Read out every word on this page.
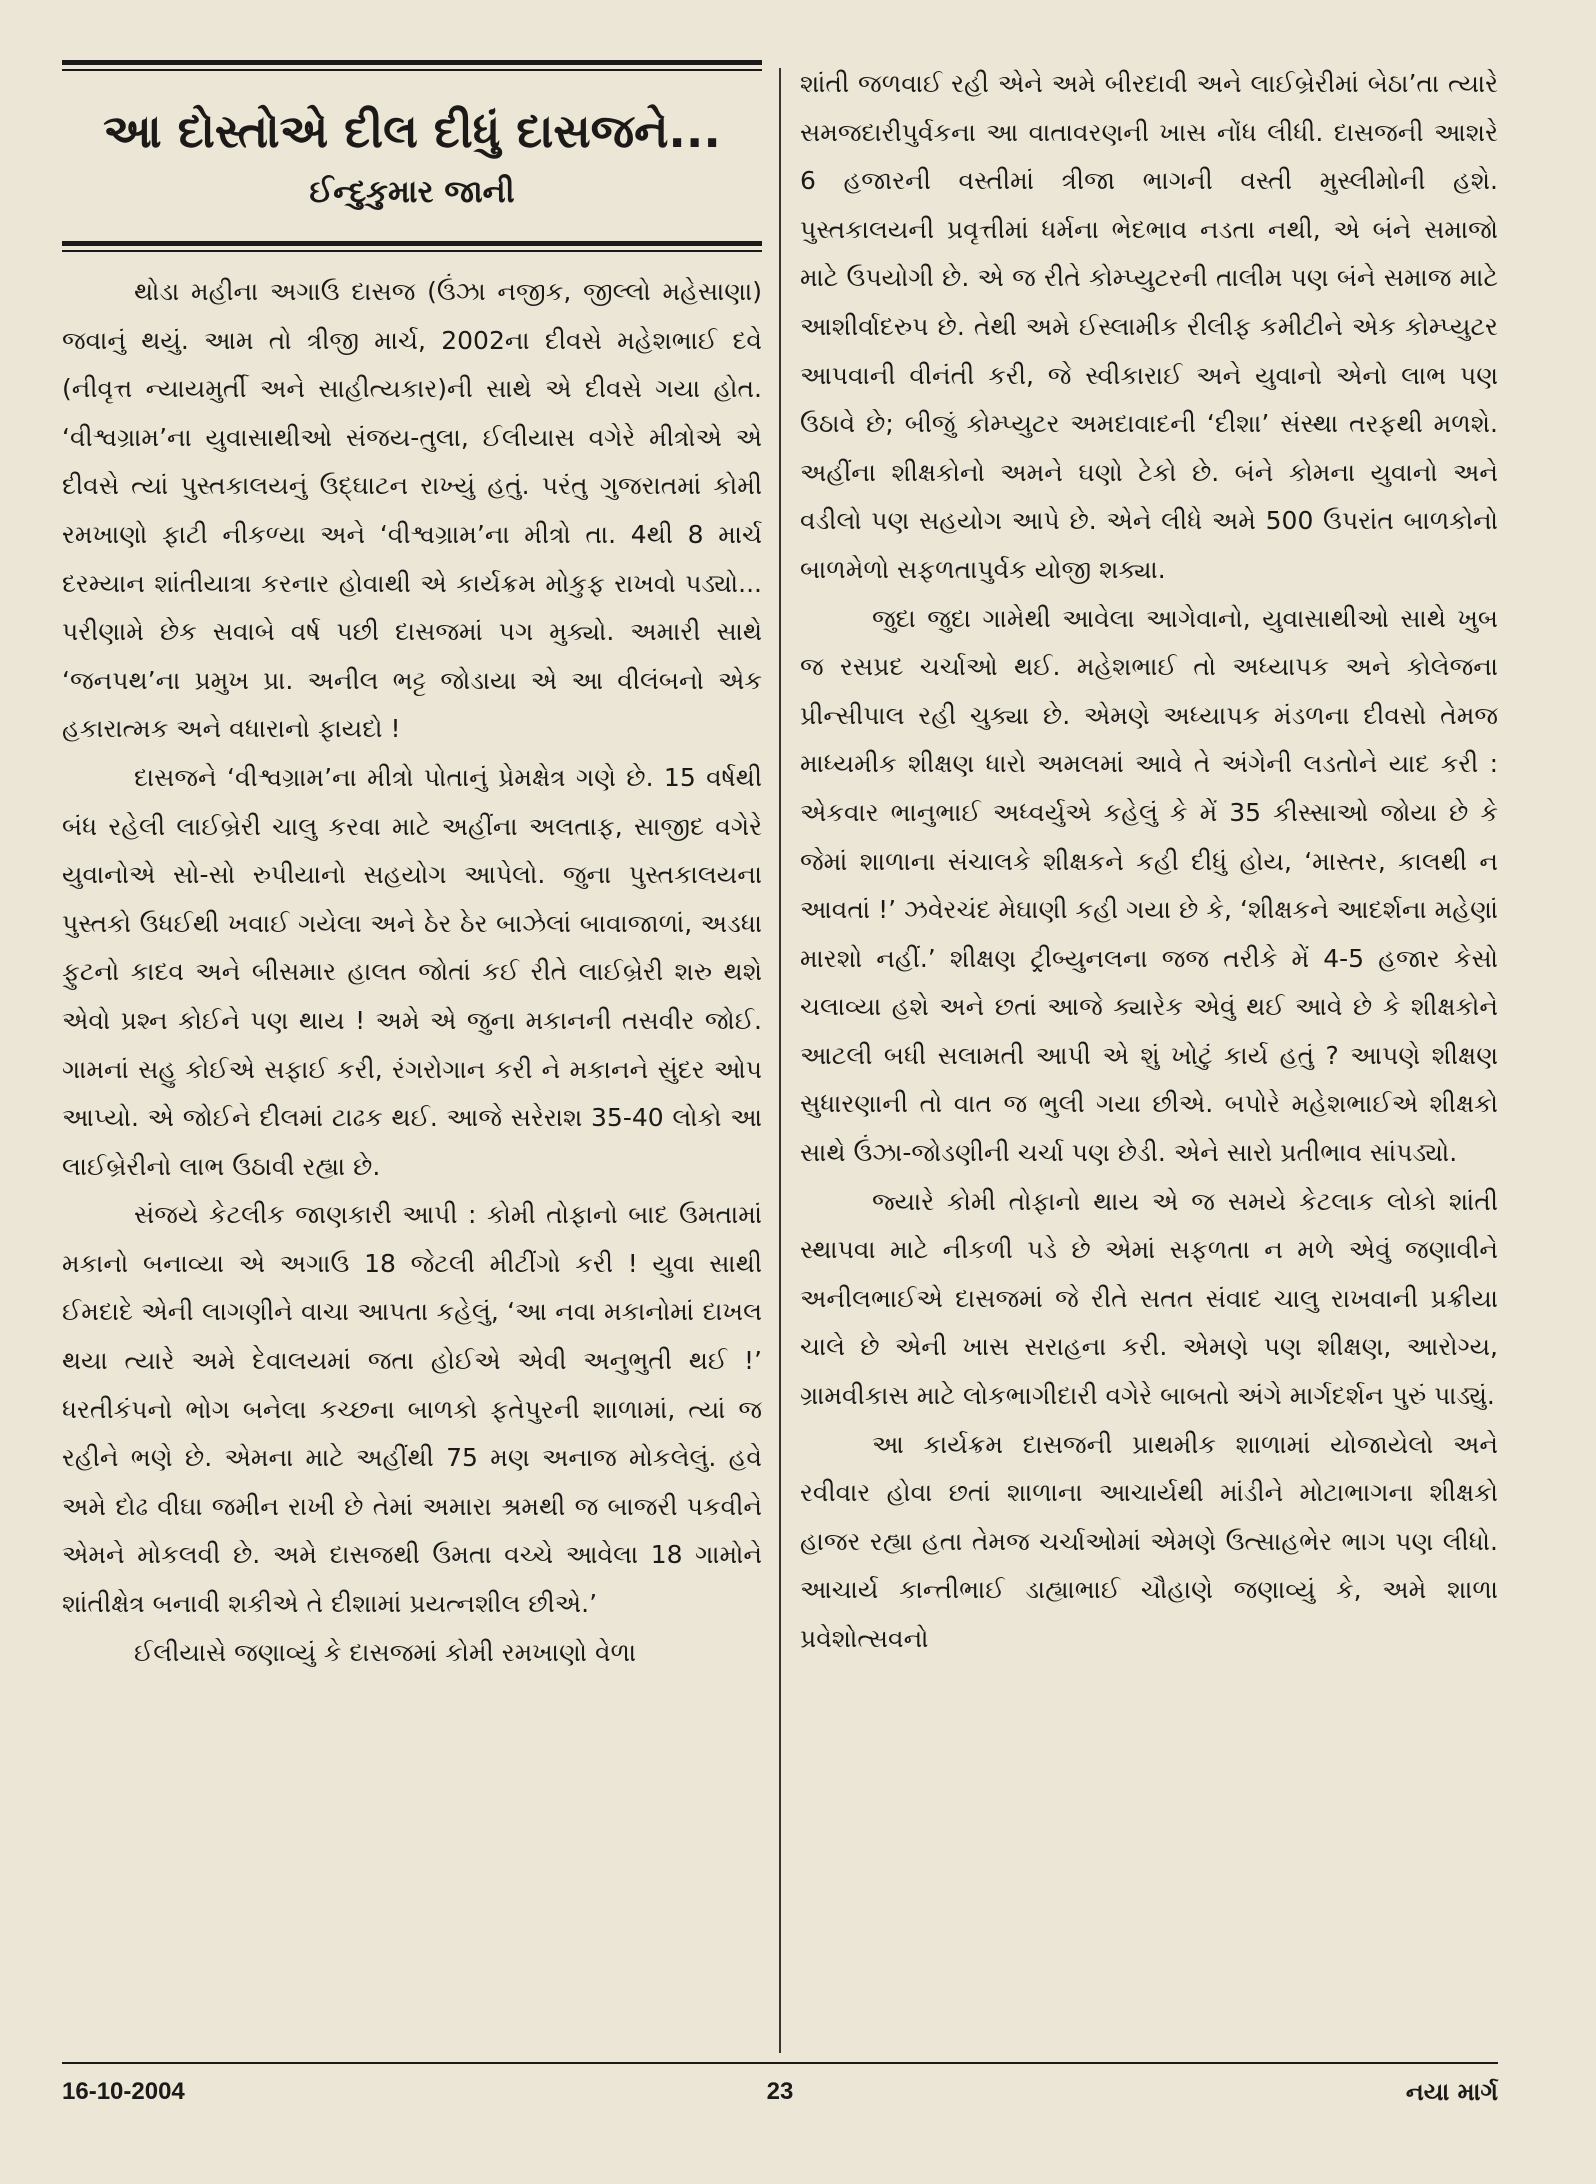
આ દોસ્તોએ દીલ દીધું દાસજને...
ઈન્દુકુમાર જાની

થોડા મહીના અગાઉ દાસજ (ઉંઝા નજીક, જીલ્લો મહેસાણા) જવાનું થયું. આમ તો ત્રીજી માર્ચ, 2002ના દીવસે મહેશભાઈ દવે (નીવૃત્ત ન્યાયમુર્તી અને સાહીત્યકાર)ની સાથે એ દીવસે ગયા હોત. ‘વીશ્વગ્રામ’ના યુવાસાથીઓ સંજય-તુલા, ઈલીયાસ વગેરે મીત્રોએ એ દીવસે ત્યાં પુસ્તકાલયનું ઉદ્ઘાટન રાખ્યું હતું. પરંતુ ગુજરાતમાં કોમી રમખાણો ફાટી નીકળ્યા અને ‘વીશ્વગ્રામ’ના મીત્રો તા. 4થી 8 માર્ચ દરમ્યાન શાંતીયાત્રા કરનાર હોવાથી એ કાર્યક્રમ મોકુફ રાખવો પડ્યો... પરીણામે છેક સવાબે વર્ષ પછી દાસજમાં પગ મુક્યો. અમારી સાથે ‘જનપથ’ના પ્રમુખ પ્રા. અનીલ ભટ્ટ જોડાયા એ આ વીલંબનો એક હકારાત્મક અને વધારાનો ફાયદો !

દાસજને ‘વીશ્વગ્રામ’ના મીત્રો પોતાનું પ્રેમક્ષેત્ર ગણે છે. 15 વર્ષથી બંધ રહેલી લાઈબ્રેરી ચાલુ કરવા માટે અહીંના અલતાફ, સાજીદ વગેરે યુવાનોએ સો-સો રુપીયાનો સહયોગ આપેલો. જુના પુસ્તકાલયના પુસ્તકો ઉધઈથી ખવાઈ ગયેલા અને ઠેર ઠેર બાઝેલાં બાવાજાળાં, અડધા ફુટનો કાદવ અને બીસમાર હાલત જોતાં કઈ રીતે લાઈબ્રેરી શરુ થશે એવો પ્રશ્ન કોઈને પણ થાય ! અમે એ જુના મકાનની તસવીર જોઈ. ગામનાં સહુ કોઈએ સફાઈ કરી, રંગરોગાન કરી ને મકાનને સુંદર ઓપ આપ્યો. એ જોઈને દીલમાં ટાઢક થઈ. આજે સરેરાશ 35-40 લોકો આ લાઈબ્રેરીનો લાભ ઉઠાવી રહ્યા છે.

સંજયે કેટલીક જાણકારી આપી : કોમી તોફાનો બાદ ઉમતામાં મકાનો બનાવ્યા એ અગાઉ 18 જેટલી મીટીંગો કરી ! યુવા સાથી ઈમદાદે એની લાગણીને વાચા આપતા કહેલું, ‘આ નવા મકાનોમાં દાખલ થયા ત્યારે અમે દેવાલયમાં જતા હોઈએ એવી અનુભુતી થઈ !’ ધરતીકંપનો ભોગ બનેલા કચ્છના બાળકો ફતેપુરની શાળામાં, ત્યાં જ રહીને ભણે છે. એમના માટે અહીંથી 75 મણ અનાજ મોકલેલું. હવે અમે દોઢ વીઘા જમીન રાખી છે તેમાં અમારા શ્રમથી જ બાજરી પકવીને એમને મોકલવી છે. અમે દાસજથી ઉમતા વચ્ચે આવેલા 18 ગામોને શાંતીક્ષેત્ર બનાવી શકીએ તે દીશામાં પ્રયત્નશીલ છીએ.’

ઈલીયાસે જણાવ્યું કે દાસજમાં કોમી રમખાણો વેળા

શાંતી જળવાઈ રહી એને અમે બીરદાવી અને લાઈબ્રેરીમાં બેઠા’તા ત્યારે સમજદારીપુર્વકના આ વાતાવરણની ખાસ નોંધ લીધી. દાસજની આશરે 6 હજારની વસ્તીમાં ત્રીજા ભાગની વસ્તી મુસ્લીમોની હશે. પુસ્તકાલયની પ્રવૃત્તીમાં ધર્મના ભેદભાવ નડતા નથી, એ બંને સમાજો માટે ઉપયોગી છે. એ જ રીતે કોમ્પ્યુટરની તાલીમ પણ બંને સમાજ માટે આશીર્વાદરુપ છે. તેથી અમે ઈસ્લામીક રીલીફ કમીટીને એક કોમ્પ્યુટર આપવાની વીનંતી કરી, જે સ્વીકારાઈ અને યુવાનો એનો લાભ પણ ઉઠાવે છે; બીજું કોમ્પ્યુટર અમદાવાદની ‘દીશા’ સંસ્થા તરફથી મળશે. અહીંના શીક્ષકોનો અમને ઘણો ટેકો છે. બંને કોમના યુવાનો અને વડીલો પણ સહયોગ આપે છે. એને લીધે અમે 500 ઉપરાંત બાળકોનો બાળમેળો સફળતાપુર્વક યોજી શક્યા.

જુદા જુદા ગામેથી આવેલા આગેવાનો, યુવાસાથીઓ સાથે ખુબ જ રસપ્રદ ચર્ચાઓ થઈ. મહેશભાઈ તો અધ્યાપક અને કોલેજના પ્રીન્સીપાલ રહી ચુક્યા છે. એમણે અધ્યાપક મંડળના દીવસો તેમજ માધ્યમીક શીક્ષણ ધારો અમલમાં આવે તે અંગેની લડતોને યાદ કરી : એકવાર ભાનુભાઈ અધ્વર્યુએ કહેલું કે મેં 35 કીસ્સાઓ જોયા છે કે જેમાં શાળાના સંચાલકે શીક્ષકને કહી દીધું હોય, ‘માસ્તર, કાલથી ન આવતાં !’ ઝવેરચંદ મેઘાણી કહી ગયા છે કે, ‘શીક્ષકને આદર્શના મહેણાં મારશો નહીં.’ શીક્ષણ ટ્રીબ્યુનલના જજ તરીકે મેં 4-5 હજાર કેસો ચલાવ્યા હશે અને છતાં આજે ક્યારેક એવું થઈ આવે છે કે શીક્ષકોને આટલી બધી સલામતી આપી એ શું ખોટું કાર્ય હતું ? આપણે શીક્ષણ સુધારણાની તો વાત જ ભુલી ગયા છીએ. બપોરે મહેશભાઈએ શીક્ષકો સાથે ઉંઝા-જોડણીની ચર્ચા પણ છેડી. એને સારો પ્રતીભાવ સાંપડ્યો.

જ્યારે કોમી તોફાનો થાય એ જ સમયે કેટલાક લોકો શાંતી સ્થાપવા માટે નીકળી પડે છે એમાં સફળતા ન મળે એવું જણાવીને અનીલભાઈએ દાસજમાં જે રીતે સતત સંવાદ ચાલુ રાખવાની પ્રક્રીયા ચાલે છે એની ખાસ સરાહના કરી. એમણે પણ શીક્ષણ, આરોગ્ય, ગ્રામવીકાસ માટે લોકભાગીદારી વગેરે બાબતો અંગે માર્ગદર્શન પુરું પાડ્યું.

આ કાર્યક્રમ દાસજની પ્રાથમીક શાળામાં યોજાયેલો અને રવીવાર હોવા છતાં શાળાના આચાર્યથી માંડીને મોટાભાગના શીક્ષકો હાજર રહ્યા હતા તેમજ ચર્ચાઓમાં એમણે ઉત્સાહભેર ભાગ પણ લીધો. આચાર્ય કાન્તીભાઈ ડાહ્યાભાઈ ચૌહાણે જણાવ્યું કે, અમે શાળા પ્રવેશોત્સવનો

16-10-2004	23	નયા માર્ગ
